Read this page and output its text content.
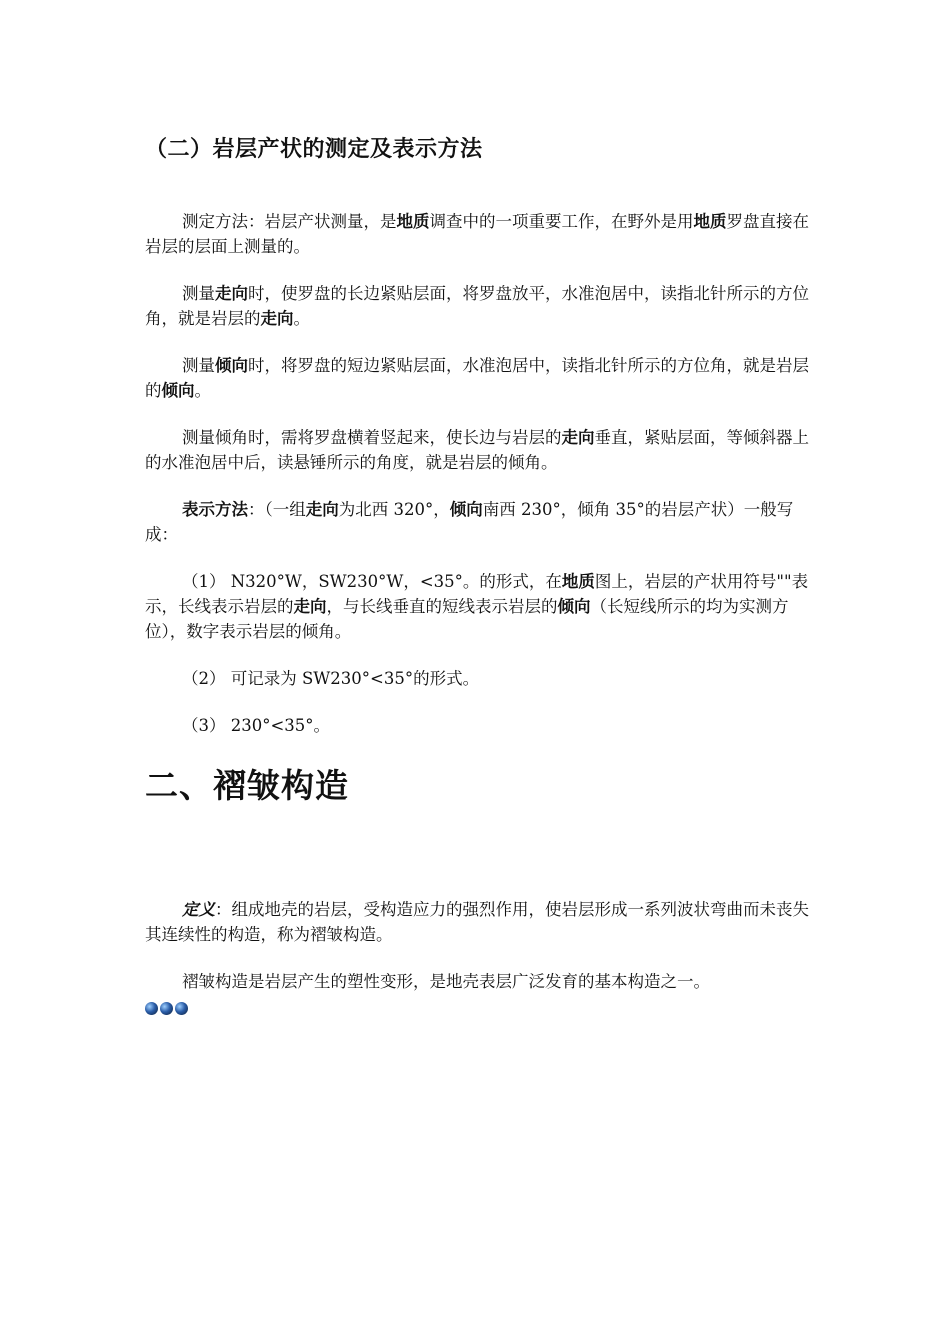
（二）岩层产状的测定及表示方法

测定方法：岩层产状测量，是地质调查中的一项重要工作，在野外是用地质罗盘直接在岩层的层面上测量的。

测量走向时，使罗盘的长边紧贴层面，将罗盘放平，水准泡居中，读指北针所示的方位角，就是岩层的走向。

测量倾向时，将罗盘的短边紧贴层面，水准泡居中，读指北针所示的方位角，就是岩层的倾向。

测量倾角时，需将罗盘横着竖起来，使长边与岩层的走向垂直，紧贴层面，等倾斜器上的水准泡居中后，读悬锤所示的角度，就是岩层的倾角。

表示方法：（一组走向为北西 320°，倾向南西 230°，倾角 35°的岩层产状）一般写成：

（1） N320°W，SW230°W，<35°。的形式，在地质图上，岩层的产状用符号""表示，长线表示岩层的走向，与长线垂直的短线表示岩层的倾向（长短线所示的均为实测方位），数字表示岩层的倾角。

（2） 可记录为 SW230°<35°的形式。

（3） 230°<35°。

二、褶皱构造

定义：组成地壳的岩层，受构造应力的强烈作用，使岩层形成一系列波状弯曲而未丧失其连续性的构造，称为褶皱构造。

褶皱构造是岩层产生的塑性变形，是地壳表层广泛发育的基本构造之一。
